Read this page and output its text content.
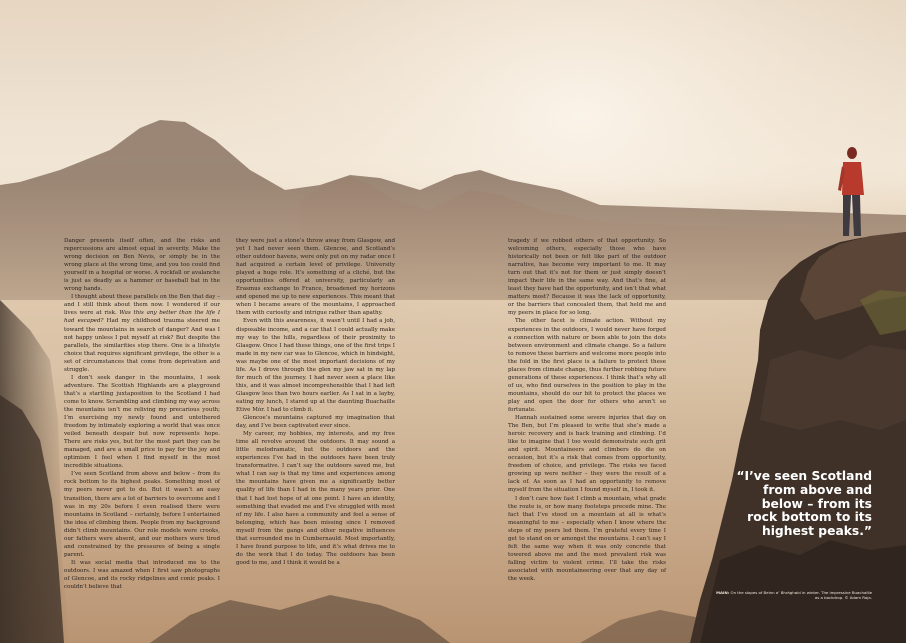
Danger presents itself often, and the risks and repercussions are almost equal in severity. Make the wrong decision on Ben Nevis, or simply be in the wrong place at the wrong time, and you too could find yourself in a hospital or worse. A rockfall or avalanche is just as deadly as a hammer or baseball bat in the wrong hands.

I thought about these parallels on the Ben that day – and I still think about them now. I wondered if our lives were at risk. Was this any better than the life I had escaped? Had my childhood trauma steered me toward the mountains in search of danger? And was I not happy unless I put myself at risk? But despite the parallels, the similarities stop there. One is a lifestyle choice that requires significant privilege, the other is a set of circumstances that come from deprivation and struggle.

I don’t seek danger in the mountains, I seek adventure. The Scottish Highlands are a playground that’s a startling juxtaposition to the Scotland I had come to know. Scrambling and climbing my way across the mountains isn’t me reliving my precarious youth; I’m exercising my newly found and untethered freedom by intimately exploring a world that was once veiled beneath despair but now represents hope. There are risks yes, but for the most part they can be managed, and are a small price to pay for the joy and optimism I feel when I find myself in the most incredible situations.

I’ve seen Scotland from above and below – from its rock bottom to its highest peaks. Something most of my peers never got to do. But it wasn’t an easy transition, there are a lot of barriers to overcome and I was in my 20s before I even realised there were mountains in Scotland – certainly, before I entertained the idea of climbing them. People from my background didn’t climb mountains. Our role models were crooks, our fathers were absent, and our mothers were tired and constrained by the pressures of being a single parent.

It was social media that introduced me to the outdoors. I was amazed when I first saw photographs of Glencoe, and its rocky ridgelines and conic peaks. I couldn’t believe that

they were just a stone’s throw away from Glasgow, and yet I had never seen them. Glencoe, and Scotland’s other outdoor havens, were only put on my radar once I had acquired a certain level of privilege. University played a huge role. It’s something of a cliché, but the opportunities offered at university, particularly an Erasmus exchange to France, broadened my horizons and opened me up to new experiences. This meant that when I became aware of the mountains, I approached them with curiosity and intrigue rather than apathy.

Even with this awareness, it wasn’t until I had a job, disposable income, and a car that I could actually make my way to the hills, regardless of their proximity to Glasgow. Once I had these things, one of the first trips I made in my new car was to Glencoe, which in hindsight, was maybe one of the most important decisions of my life. As I drove through the glen my jaw sat in my lap for much of the journey. I had never seen a place like this, and it was almost incomprehensible that I had left Glasgow less than two hours earlier. As I sat in a layby, eating my lunch, I stared up at the daunting Buachaille Etive Mòr. I had to climb it.

Glencoe’s mountains captured my imagination that day, and I’ve been captivated ever since.

My career, my hobbies, my interests, and my free time all revolve around the outdoors. It may sound a little melodramatic, but the outdoors and the experiences I’ve had in the outdoors have been truly transformative. I can’t say the outdoors saved me, but what I can say is that my time and experiences among the mountains have given me a significantly better quality of life than I had in the many years prior. One that I had lost hope of at one point. I have an identity, something that evaded me and I’ve struggled with most of my life. I also have a community and feel a sense of belonging, which has been missing since I removed myself from the gangs and other negative influences that surrounded me in Cumbernauld. Most importantly, I have found purpose to life, and it’s what drives me to do the work that I do today. The outdoors has been good to me, and I think it would be a

tragedy if we robbed others of that opportunity. So welcoming others, especially those who have historically not been or felt like part of the outdoor narrative, has become very important to me. It may turn out that it’s not for them or just simply doesn’t impact their life in the same way. And that’s fine, at least they have had the opportunity, and isn’t that what matters most? Because it was the lack of opportunity, or the barriers that concealed them, that held me and my peers in place for so long.

The other facet is climate action. Without my experiences in the outdoors, I would never have forged a connection with nature or been able to join the dots between environment and climate change. So a failure to remove these barriers and welcome more people into the fold in the first place is a failure to protect these places from climate change, thus further robbing future generations of these experiences. I think that’s why all of us, who find ourselves in the position to play in the mountains, should do our bit to protect the places we play and open the door for others who aren’t so fortunate.

Hannah sustained some severe injuries that day on The Ben, but I’m pleased to write that she’s made a heroic recovery and is back training and climbing. I’d like to imagine that I too would demonstrate such grit and spirit. Mountaineers and climbers do die on occasion, but it’s a risk that comes from opportunity, freedom of choice, and privilege. The risks we faced growing up were neither – they were the result of a lack of. As soon as I had an opportunity to remove myself from the situation I found myself in, I took it.

I don’t care how fast I climb a mountain, what grade the route is, or how many footsteps precede mine. The fact that I’ve stood on a mountain at all is what’s meaningful to me – especially when I know where the steps of my peers led them. I’m grateful every time I get to stand on or amongst the mountains. I can’t say I felt the same way when it was only concrete that towered above me and the most prevalent risk was falling victim to violent crime. I’ll take the risks associated with mountaineering over that any day of the week.

“I’ve seen Scotland from above and below – from its rock bottom to its highest peaks.”
MAIN: On the slopes of Beinn a’ Bhràghaid in winter. The impressive Buachaille as a backdrop. © Adam Raja.
